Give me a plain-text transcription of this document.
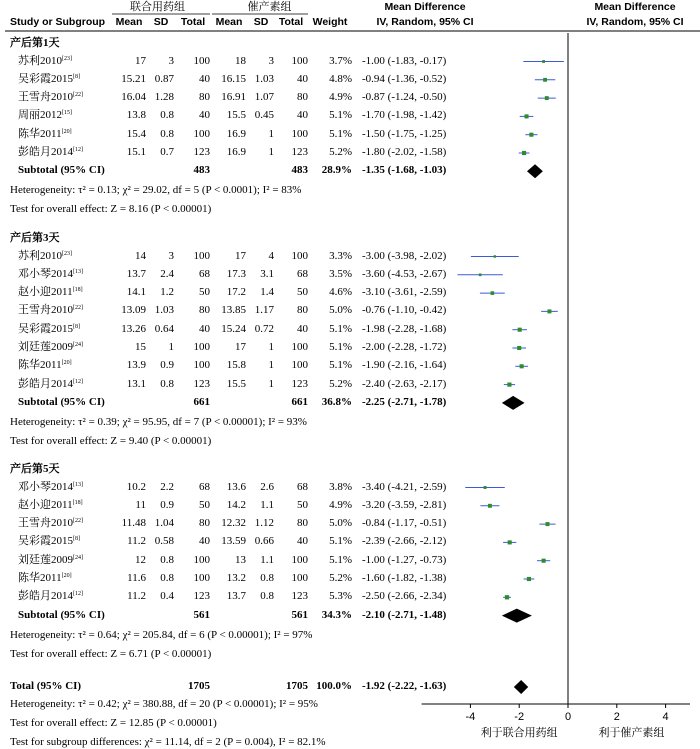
联合用药组	催产素组	Mean Difference	Mean Difference
Study or Subgroup	Mean	SD	Total Mean	SD	Total Weight	IV, Random, 95% CI	IV, Random, 95% CI
-4	-2	0	2	4
利于联合用药组	利于催产素组
产后第1天
苏利2010[23]	17	3	100	18	3	100	3.7% -1.00 (-1.83, -0.17)
吴彩霞2015[8]	15.21 0.87	40	16.15 1.03	40	4.8% -0.94 (-1.36, -0.52)
王雪舟2010[22]	16.04 1.28	80	16.91 1.07	80	4.9% -0.87 (-1.24, -0.50)
周丽2012[15]	13.8	0.8	40	15.5 0.45	40	5.1% -1.70 (-1.98, -1.42)
陈华2011[20]	15.4	0.8	100	16.9	1	100	5.1% -1.50 (-1.75, -1.25)
彭皓月2014[12]	15.1	0.7	123	16.9	1	123	5.2% -1.80 (-2.02, -1.58)
Subtotal (95% CI)	483	483	28.9% -1.35 (-1.68, -1.03)
Heterogeneity: τ² = 0.13; χ² = 29.02, df = 5 (P < 0.0001); I² = 83%
Test for overall effect: Z = 8.16 (P < 0.00001)
产后第3天
苏利2010[23]	14	3	100	17	4	100	3.3% -3.00 (-3.98, -2.02)
邓小琴2014[13]	13.7	2.4	68	17.3	3.1	68	3.5% -3.60 (-4.53, -2.67)
赵小迎2011[18]	14.1	1.2	50	17.2	1.4	50	4.6% -3.10 (-3.61, -2.59)
王雪舟2010[22]	13.09 1.03	80	13.85 1.17	80	5.0% -0.76 (-1.10, -0.42)
吴彩霞2015[8]	13.26 0.64	40	15.24 0.72	40	5.1% -1.98 (-2.28, -1.68)
刘廷莲2009[24]	15	1	100	17	1	100	5.1% -2.00 (-2.28, -1.72)
陈华2011[20]	13.9	0.9	100	15.8	1	100	5.1% -1.90 (-2.16, -1.64)
彭皓月2014[12]	13.1	0.8	123	15.5	1	123	5.2% -2.40 (-2.63, -2.17)
Subtotal (95% CI)	661	661	36.8% -2.25 (-2.71, -1.78)
Heterogeneity: τ² = 0.39; χ² = 95.95, df = 7 (P < 0.00001); I² = 93%
Test for overall effect: Z = 9.40 (P < 0.00001)
产后第5天
邓小琴2014[13]	10.2	2.2	68	13.6	2.6	68	3.8% -3.40 (-4.21, -2.59)
赵小迎2011[18]	11	0.9	50	14.2	1.1	50	4.9% -3.20 (-3.59, -2.81)
王雪舟2010[22]	11.48 1.04	80	12.32 1.12	80	5.0% -0.84 (-1.17, -0.51)
吴彩霞2015[8]	11.2 0.58	40	13.59 0.66	40	5.1% -2.39 (-2.66, -2.12)
刘廷莲2009[24]	12	0.8	100	13	1.1	100	5.1% -1.00 (-1.27, -0.73)
陈华2011[20]	11.6	0.8	100	13.2	0.8	100	5.2% -1.60 (-1.82, -1.38)
彭皓月2014[12]	11.2	0.4	123	13.7	0.8	123	5.3% -2.50 (-2.66, -2.34)
Subtotal (95% CI)	561	561	34.3% -2.10 (-2.71, -1.48)
Heterogeneity: τ² = 0.64; χ² = 205.84, df = 6 (P < 0.00001); I² = 97%
Test for overall effect: Z = 6.71 (P < 0.00001)
Total (95% CI)	1705	1705 100.0% -1.92 (-2.22, -1.63)
Heterogeneity: τ² = 0.42; χ² = 380.88, df = 20 (P < 0.00001); I² = 95%
Test for overall effect: Z = 12.85 (P < 0.00001)
Test for subgroup differences: χ² = 11.14, df = 2 (P = 0.004), I² = 82.1%
